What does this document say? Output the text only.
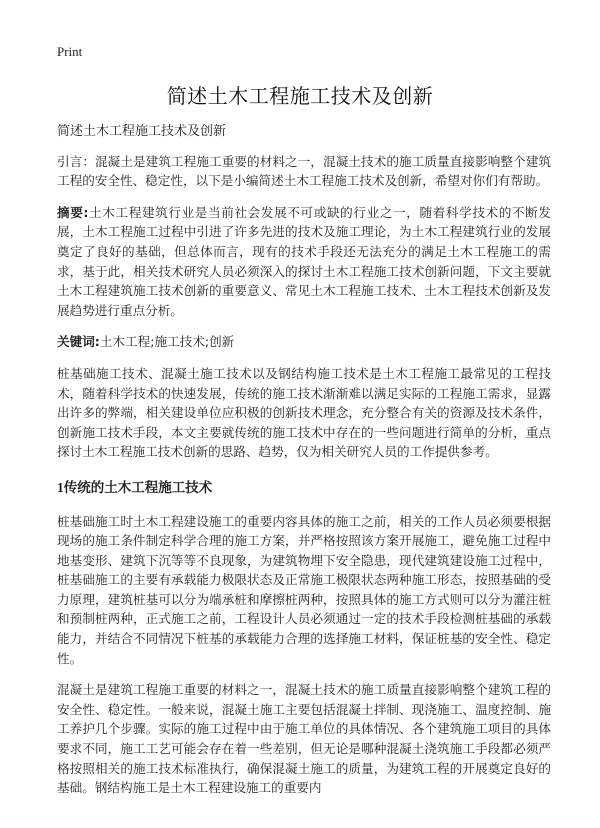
Print
简述土木工程施工技术及创新

简述土木工程施工技术及创新

引言：混凝土是建筑工程施工重要的材料之一，混凝土技术的施工质量直接影响整个建筑工程的安全性、稳定性，以下是小编简述土木工程施工技术及创新，希望对你们有帮助。

摘要:土木工程建筑行业是当前社会发展不可或缺的行业之一，随着科学技术的不断发展，土木工程施工过程中引进了许多先进的技术及施工理论，为土木工程建筑行业的发展奠定了良好的基础，但总体而言，现有的技术手段还无法充分的满足土木工程施工的需求，基于此，相关技术研究人员必须深入的探讨土木工程施工技术创新问题，下文主要就土木工程建筑施工技术创新的重要意义、常见土木工程施工技术、土木工程技术创新及发展趋势进行重点分析。

关键词:土木工程;施工技术;创新

桩基础施工技术、混凝土施工技术以及钢结构施工技术是土木工程施工最常见的工程技术，随着科学技术的快速发展，传统的施工技术渐渐难以满足实际的工程施工需求，显露出许多的弊端，相关建设单位应积极的创新技术理念，充分整合有关的资源及技术条件，创新施工技术手段，本文主要就传统的施工技术中存在的一些问题进行简单的分析，重点探讨土木工程施工技术创新的思路、趋势，仅为相关研究人员的工作提供参考。

1传统的土木工程施工技术

桩基础施工时土木工程建设施工的重要内容具体的施工之前，相关的工作人员必须要根据现场的施工条件制定科学合理的施工方案，并严格按照该方案开展施工，避免施工过程中地基变形、建筑下沉等等不良现象，为建筑物埋下安全隐患，现代建筑建设施工过程中，桩基础施工的主要有承载能力极限状态及正常施工极限状态两种施工形态，按照基础的受力原理，建筑桩基可以分为端承桩和摩擦桩两种，按照具体的施工方式则可以分为灌注桩和预制桩两种，正式施工之前，工程设计人员必须通过一定的技术手段检测桩基础的承载能力，并结合不同情况下桩基的承载能力合理的选择施工材料，保证桩基的安全性、稳定性。

混凝土是建筑工程施工重要的材料之一，混凝土技术的施工质量直接影响整个建筑工程的安全性、稳定性。一般来说，混凝土施工主要包括混凝土拌制、现浇施工、温度控制、施工养护几个步骤。实际的施工过程中由于施工单位的具体情况、各个建筑施工项目的具体要求不同，施工工艺可能会存在着一些差别，但无论是哪种混凝土浇筑施工手段都必须严格按照相关的施工技术标准执行，确保混凝土施工的质量，为建筑工程的开展奠定良好的基础。钢结构施工是土木工程建设施工的重要内
